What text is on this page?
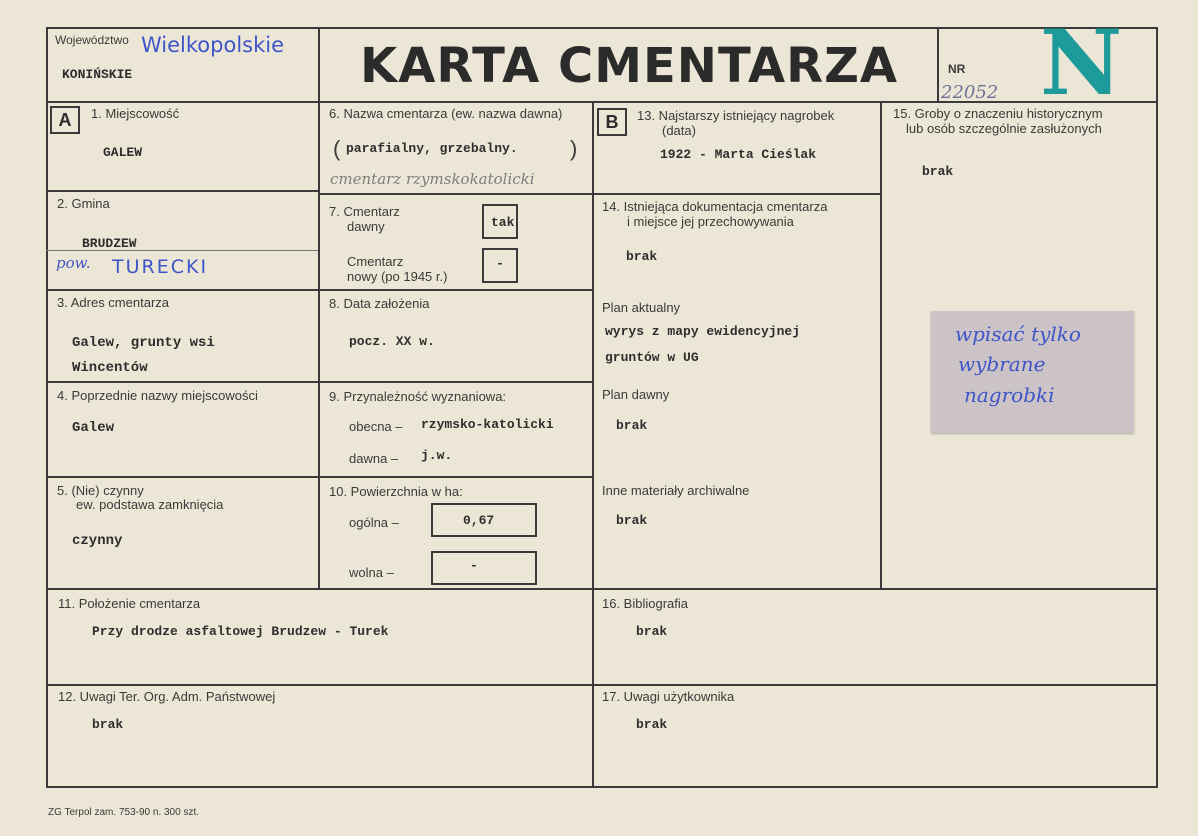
Województwo Wielkopolskie
KONIŃSKIE	KARTA CMENTARZA	NR
22052 N
A	1. Miejscowość
GALEW
2. Gmina
BRUDZEW
pow. TURECKI
3. Adres cmentarza
Galew, grunty wsi
Wincentów
4. Poprzednie nazwy miejscowości
Galew
5. (Nie) czynny
ew. podstawa zamknięcia
czynny
6. Nazwa cmentarza (ew. nazwa dawna)
( parafialny, grzebalny. )
cmentarz rzymskokatolicki
7. Cmentarz
dawny	tak
Cmentarz
nowy (po 1945 r.)
-
8. Data założenia
pocz. XX w.
9. Przynależność wyznaniowa:
obecna – rzymsko-katolicki
dawna – j.w.
10. Powierzchnia w ha:
ogólna –	0,67
wolna –	-
B	13. Najstarszy istniejący nagrobek
(data)
1922 - Marta Cieślak
14. Istniejąca dokumentacja cmentarza
i miejsce jej przechowywania
brak
Plan aktualny
wyrys z mapy ewidencyjnej
gruntów w UG
Plan dawny
brak
Inne materiały archiwalne
brak
15. Groby o znaczeniu historycznym
lub osób szczególnie zasłużonych
brak
wpisać tylko
wybrane
nagrobki
11. Położenie cmentarza
Przy drodze asfaltowej Brudzew - Turek
16. Bibliografia
brak
12. Uwagi Ter. Org. Adm. Państwowej
brak
17. Uwagi użytkownika
brak
ZG Terpol zam. 753-90 n. 300 szt.
